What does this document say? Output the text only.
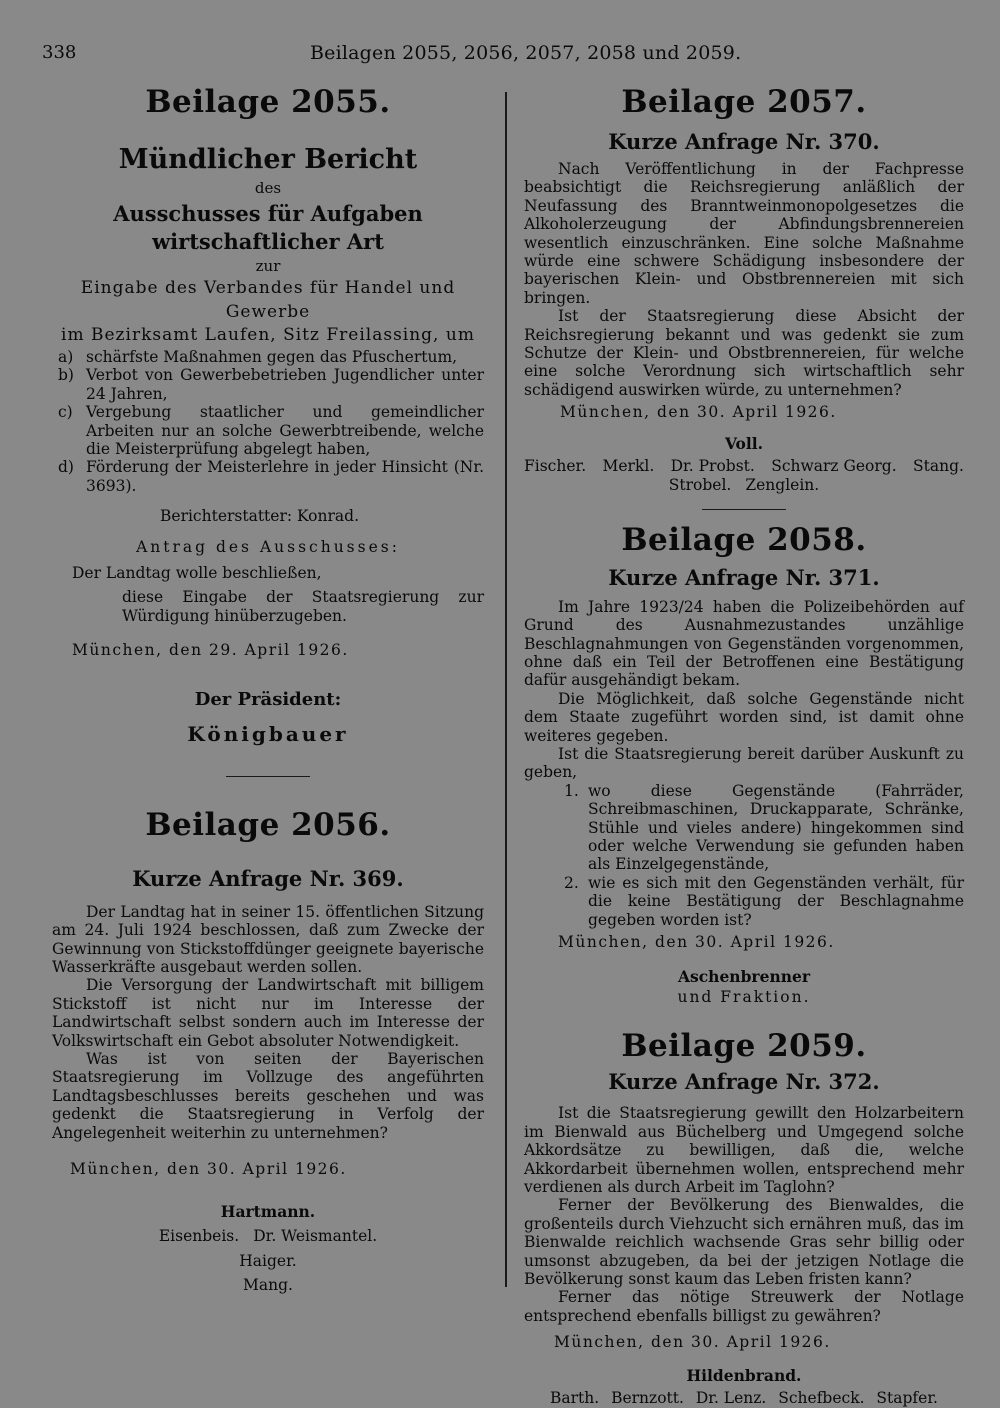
338	Beilagen 2055, 2056, 2057, 2058 und 2059.
Beilage 2055.
Mündlicher Bericht
des
Ausschusses für Aufgaben wirtschaftlicher Art
zur
Eingabe des Verbandes für Handel und Gewerbe
im Bezirksamt Laufen, Sitz Freilassing, um
a) schärfste Maßnahmen gegen das Pfuschertum,
b) Verbot von Gewerbebetrieben Jugendlicher unter 24 Jahren,
c) Vergebung staatlicher und gemeindlicher Arbeiten nur an solche Gewerbtreibende, welche die Meisterprüfung abgelegt haben,
d) Förderung der Meisterlehre in jeder Hinsicht (Nr. 3693).

Berichterstatter: Konrad.

Antrag des Ausschusses:

Der Landtag wolle beschließen,

diese Eingabe der Staatsregierung zur Würdigung hinüberzugeben.

München, den 29. April 1926.

Der Präsident:
Königbauer
Beilage 2056.
Kurze Anfrage Nr. 369.

Der Landtag hat in seiner 15. öffentlichen Sitzung am 24. Juli 1924 beschlossen, daß zum Zwecke der Gewinnung von Stickstoffdünger geeignete bayerische Wasserkräfte ausgebaut werden sollen.

Die Versorgung der Landwirtschaft mit billigem Stickstoff ist nicht nur im Interesse der Landwirtschaft selbst sondern auch im Interesse der Volkswirtschaft ein Gebot absoluter Notwendigkeit.

Was ist von seiten der Bayerischen Staatsregierung im Vollzuge des angeführten Landtagsbeschlusses bereits geschehen und was gedenkt die Staatsregierung in Verfolg der Angelegenheit weiterhin zu unternehmen?

München, den 30. April 1926.

Hartmann.
Eisenbeis. Dr. Weismantel.
Haiger.
Mang.
Beilage 2057.
Kurze Anfrage Nr. 370.

Nach Veröffentlichung in der Fachpresse beabsichtigt die Reichsregierung anläßlich der Neufassung des Branntweinmonopolgesetzes die Alkoholerzeugung der Abfindungsbrennereien wesentlich einzuschränken. Eine solche Maßnahme würde eine schwere Schädigung insbesondere der bayerischen Klein- und Obstbrennereien mit sich bringen.

Ist der Staatsregierung diese Absicht der Reichsregierung bekannt und was gedenkt sie zum Schutze der Klein- und Obstbrennereien, für welche eine solche Verordnung sich wirtschaftlich sehr schädigend auswirken würde, zu unternehmen?

München, den 30. April 1926.

Voll.
Fischer. Merkl. Dr. Probst. Schwarz Georg. Stang.
Strobel. Zenglein.
Beilage 2058.
Kurze Anfrage Nr. 371.

Im Jahre 1923/24 haben die Polizeibehörden auf Grund des Ausnahmezustandes unzählige Beschlagnahmungen von Gegenständen vorgenommen, ohne daß ein Teil der Betroffenen eine Bestätigung dafür ausgehändigt bekam.

Die Möglichkeit, daß solche Gegenstände nicht dem Staate zugeführt worden sind, ist damit ohne weiteres gegeben.

Ist die Staatsregierung bereit darüber Auskunft zu geben,

1. wo diese Gegenstände (Fahrräder, Schreibmaschinen, Druckapparate, Schränke, Stühle und vieles andere) hingekommen sind oder welche Verwendung sie gefunden haben als Einzelgegenstände,
2. wie es sich mit den Gegenständen verhält, für die keine Bestätigung der Beschlagnahme gegeben worden ist?

München, den 30. April 1926.

Aschenbrenner
und Fraktion.
Beilage 2059.
Kurze Anfrage Nr. 372.

Ist die Staatsregierung gewillt den Holzarbeitern im Bienwald aus Büchelberg und Umgegend solche Akkordsätze zu bewilligen, daß die, welche Akkordarbeit übernehmen wollen, entsprechend mehr verdienen als durch Arbeit im Taglohn?

Ferner der Bevölkerung des Bienwaldes, die großenteils durch Viehzucht sich ernähren muß, das im Bienwalde reichlich wachsende Gras sehr billig oder umsonst abzugeben, da bei der jetzigen Notlage die Bevölkerung sonst kaum das Leben fristen kann?

Ferner das nötige Streuwerk der Notlage entsprechend ebenfalls billigst zu gewähren?

München, den 30. April 1926.

Hildenbrand.
Barth. Bernzott. Dr. Lenz. Schefbeck. Stapfer.
